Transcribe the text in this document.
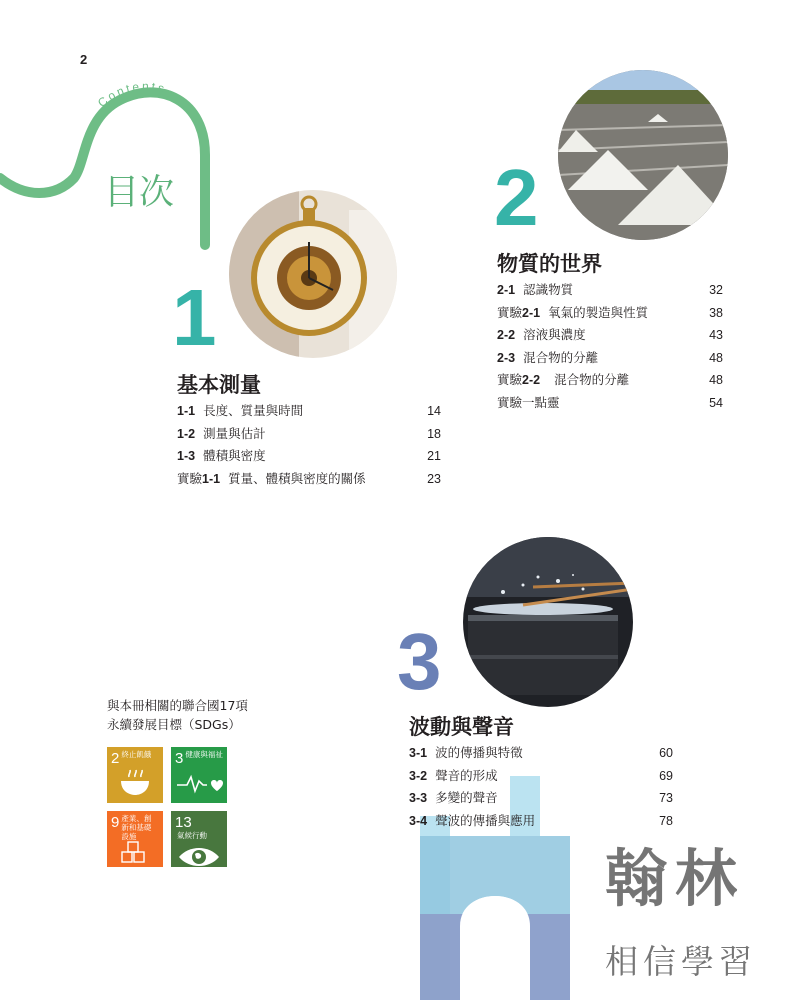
2
Contents
目次
1
基本測量
1-1 長度、質量與時間	14
1-2 測量與估計	18
1-3 體積與密度	21
實驗1-1 質量、體積與密度的關係	23
2
物質的世界
2-1 認識物質	32
實驗2-1 氧氣的製造與性質	38
2-2 溶液與濃度	43
2-3 混合物的分離	48
實驗2-2 混合物的分離	48
實驗一點靈	54
3
波動與聲音
3-1 波的傳播與特徵	60
3-2 聲音的形成	69
3-3 多變的聲音	73
3-4 聲波的傳播與應用	78
與本冊相關的聯合國17項
永續發展目標（SDGs）
2 終止飢餓	3 健康與福祉
9 產業、創新和基礎設施
13氣候行動
翰林
相信學習
